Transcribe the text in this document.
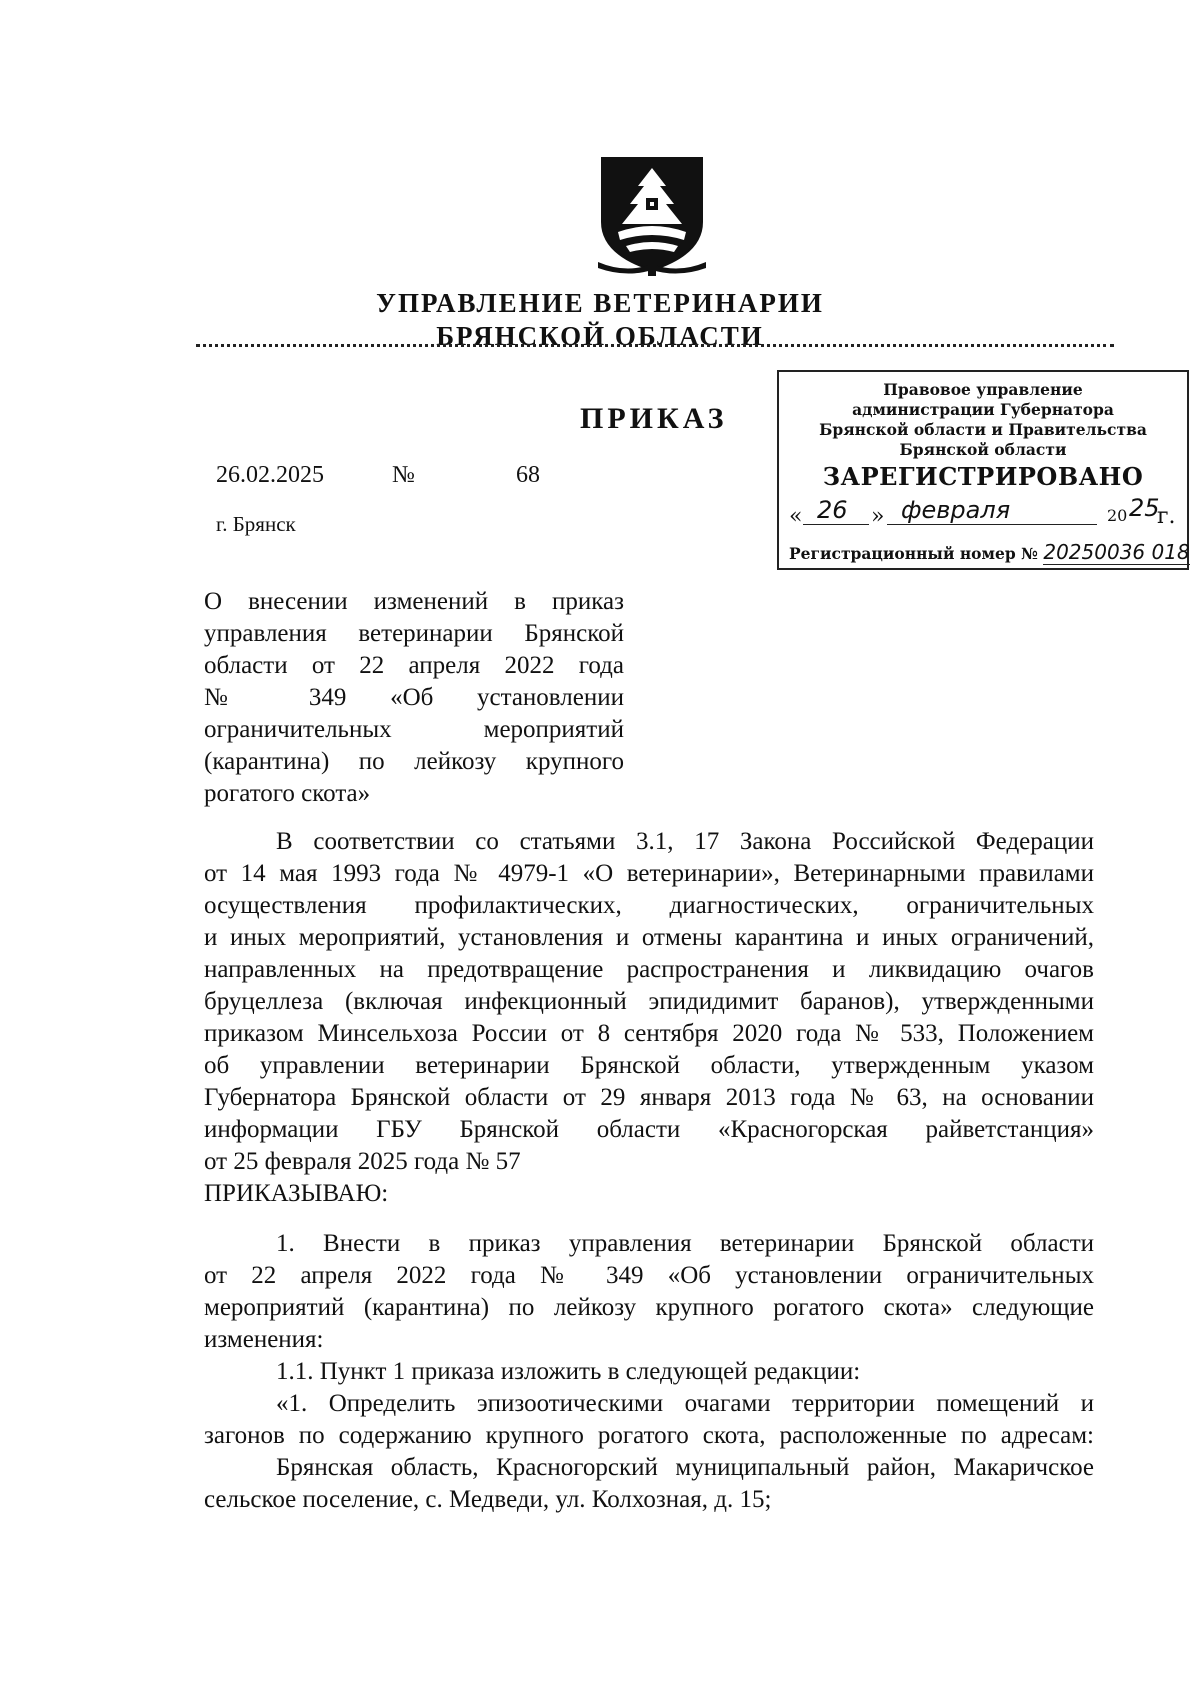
УПРАВЛЕНИЕ ВЕТЕРИНАРИИ
БРЯНСКОЙ ОБЛАСТИ
ПРИКАЗ
26.02.2025	№	68
г. Брянск
Правовое управление
администрации Губернатора
Брянской области и Правительства
Брянской области
ЗАРЕГИСТРИРОВАНО
« 26 » февраля	20 25
г.
Регистрационный номер № 20250036 018
О внесении изменений в приказ
управления ветеринарии Брянской
области от 22 апреля 2022 года
№ 349 «Об установлении
ограничительных мероприятий
(карантина) по лейкозу крупного
рогатого скота»
В соответствии со статьями 3.1, 17 Закона Российской Федерации
от 14 мая 1993 года № 4979-1 «О ветеринарии», Ветеринарными правилами
осуществления профилактических, диагностических, ограничительных
и иных мероприятий, установления и отмены карантина и иных ограничений,
направленных на предотвращение распространения и ликвидацию очагов
бруцеллеза (включая инфекционный эпидидимит баранов), утвержденными
приказом Минсельхоза России от 8 сентября 2020 года № 533, Положением
об управлении ветеринарии Брянской области, утвержденным указом
Губернатора Брянской области от 29 января 2013 года № 63, на основании
информации ГБУ Брянской области «Красногорская райветстанция»
от 25 февраля 2025 года № 57
ПРИКАЗЫВАЮ:
1. Внести в приказ управления ветеринарии Брянской области
от 22 апреля 2022 года № 349 «Об установлении ограничительных
мероприятий (карантина) по лейкозу крупного рогатого скота» следующие
изменения:
1.1. Пункт 1 приказа изложить в следующей редакции:
«1. Определить эпизоотическими очагами территории помещений и
загонов по содержанию крупного рогатого скота, расположенные по адресам:
Брянская область, Красногорский муниципальный район, Макаричское
сельское поселение, с. Медведи, ул. Колхозная, д. 15;
